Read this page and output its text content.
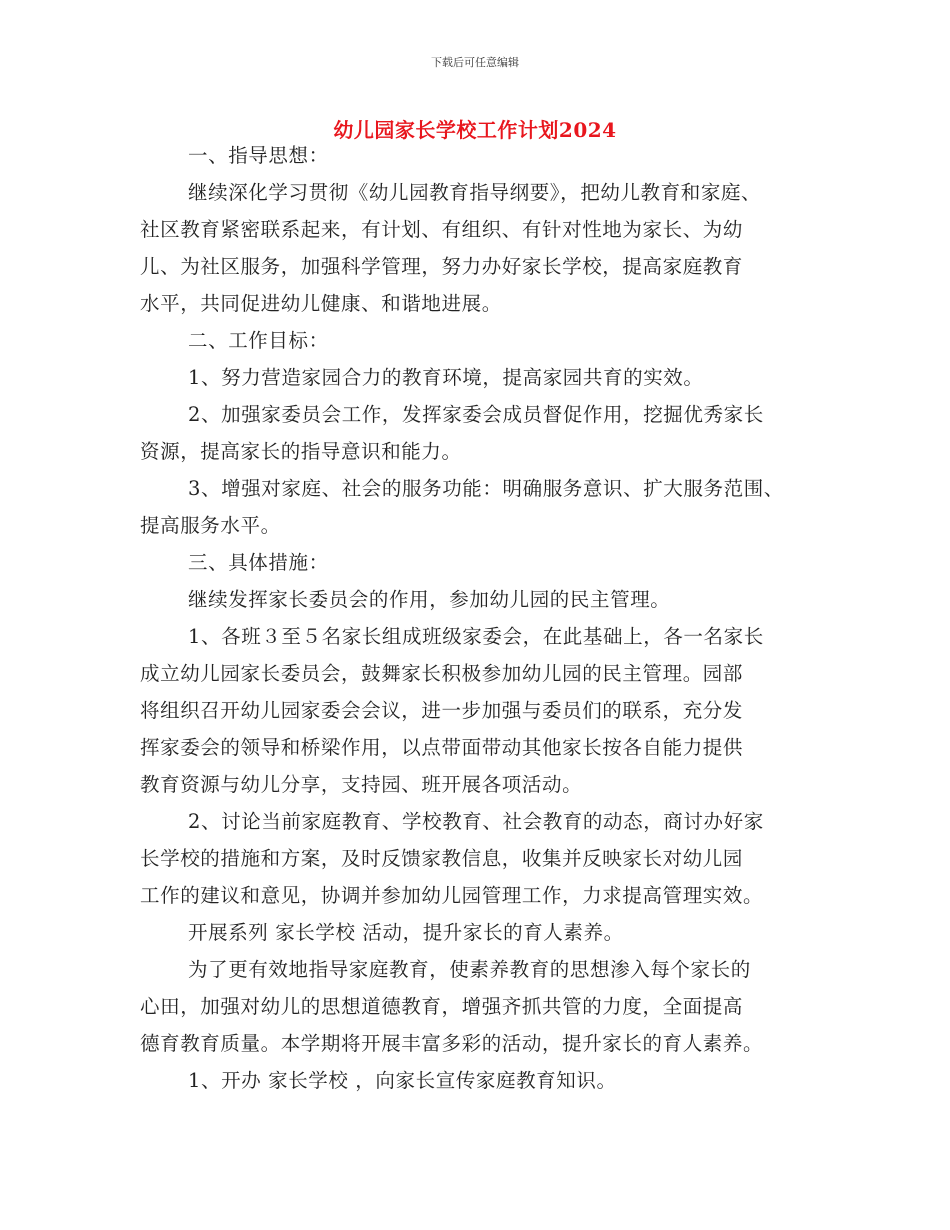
下载后可任意编辑
幼儿园家长学校工作计划2024
一、指导思想：
继续深化学习贯彻《幼儿园教育指导纲要》，把幼儿教育和家庭、
社区教育紧密联系起来，有计划、有组织、有针对性地为家长、为幼
儿、为社区服务，加强科学管理，努力办好家长学校，提高家庭教育
水平，共同促进幼儿健康、和谐地进展。
二、工作目标：
1、努力营造家园合力的教育环境，提高家园共育的实效。
2、加强家委员会工作，发挥家委会成员督促作用，挖掘优秀家长
资源，提高家长的指导意识和能力。
3、增强对家庭、社会的服务功能：明确服务意识、扩大服务范围、
提高服务水平。
三、具体措施：
继续发挥家长委员会的作用，参加幼儿园的民主管理。
1、各班３至５名家长组成班级家委会，在此基础上，各一名家长
成立幼儿园家长委员会，鼓舞家长积极参加幼儿园的民主管理。园部
将组织召开幼儿园家委会会议，进一步加强与委员们的联系，充分发
挥家委会的领导和桥梁作用，以点带面带动其他家长按各自能力提供
教育资源与幼儿分享，支持园、班开展各项活动。
2、讨论当前家庭教育、学校教育、社会教育的动态，商讨办好家
长学校的措施和方案，及时反馈家教信息，收集并反映家长对幼儿园
工作的建议和意见，协调并参加幼儿园管理工作，力求提高管理实效。
开展系列 家长学校 活动，提升家长的育人素养。
为了更有效地指导家庭教育，使素养教育的思想渗入每个家长的
心田，加强对幼儿的思想道德教育，增强齐抓共管的力度，全面提高
德育教育质量。本学期将开展丰富多彩的活动，提升家长的育人素养。
1、开办 家长学校 ，向家长宣传家庭教育知识。
